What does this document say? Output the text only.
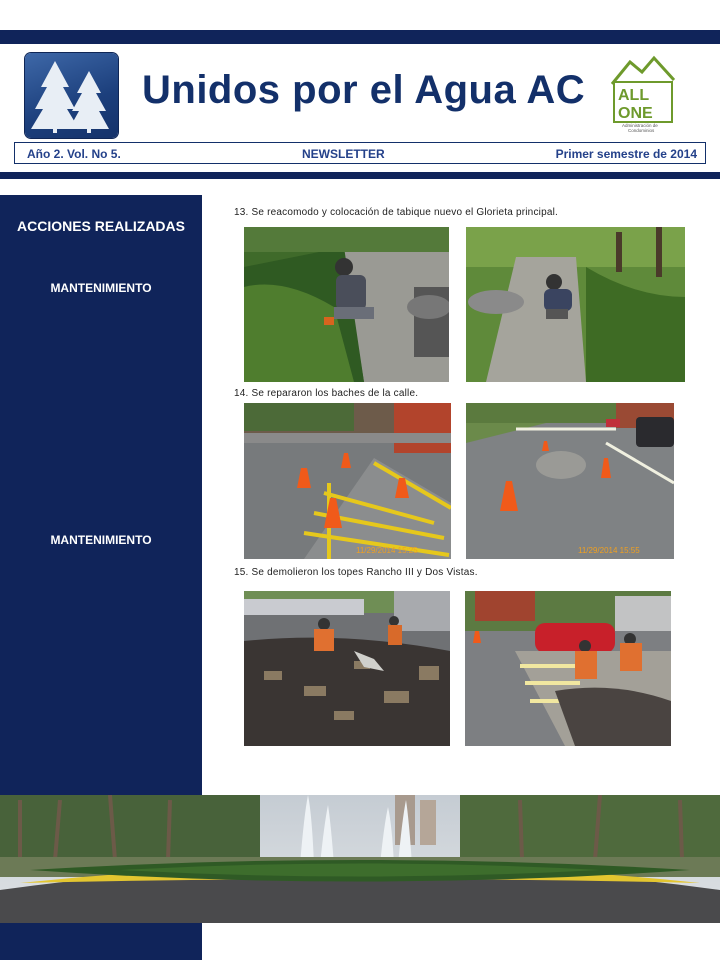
Unidos por el Agua AC ALL In
ONE
Administración de
Condominios
Año 2. Vol. No 5.	NEWSLETTER	Primer semestre de 2014
ACCIONES REALIZADAS
MANTENIMIENTO
MANTENIMIENTO
13. Se reacomodo y colocación de tabique nuevo el Glorieta principal.
14. Se repararon los baches de la calle.
11/29/2014 15:25	11/29/2014 15:55
15. Se demolieron los topes Rancho III y Dos Vistas.
